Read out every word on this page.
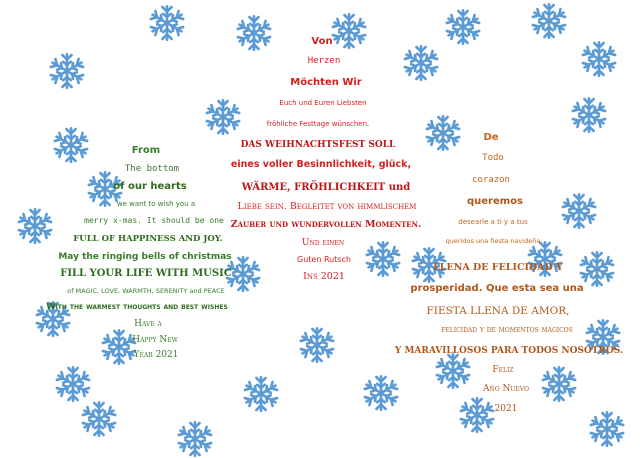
From
The bottom
of our hearts
we want to wish you a
merry x-mas. It should be one
FULL OF HAPPINESS AND JOY.
May the ringing bells of christmas
FILL YOUR LIFE WITH MUSIC
of MAGIC, LOVE, WARMTH, SERENITY and PEACE
With the warmest thoughts and best wishes
Have a
Happy New
Year 2021
Von
Herzen
Möchten Wir
Euch und Euren Liebsten
fröhliche Festtage wünschen.
DAS WEIHNACHTSFEST SOLL
eines voller Besinnlichkeit, glück,
WÄRME, FRÖHLICHKEIT und
Liebe sein. Begleitet von himmlischem
Zauber und wundervollen Momenten.
Und einen
Guten Rutsch
Ins 2021
De
Todo
corazon
queremos
desearle a ti y a tus
queridos una fiesta navideña
LLENA DE FELICIDAD Y
prosperidad. Que esta sea una
FIESTA LLENA DE AMOR,
felicidad y de momentos mágicos
Y MARAVILLOSOS PARA TODOS NOSOTROS.
Feliz
Año Nuevo
2021
